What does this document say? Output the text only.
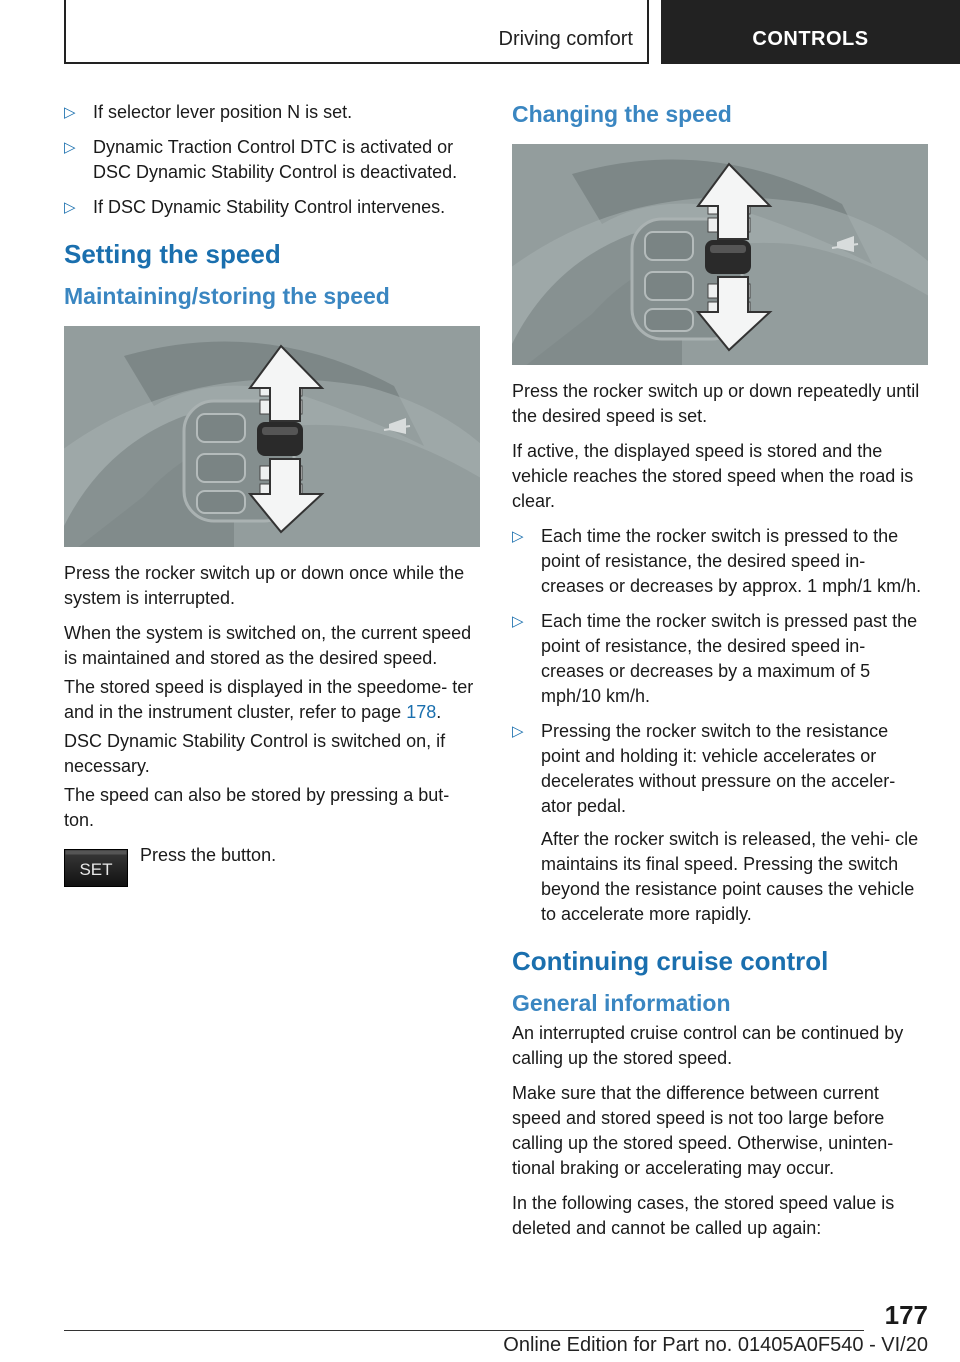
Driving comfort	CONTROLS
▷ If selector lever position N is set.
▷ Dynamic Traction Control DTC is activated or DSC Dynamic Stability Control is deactivated.
▷ If DSC Dynamic Stability Control intervenes.
Setting the speed
Maintaining/storing the speed

Press the rocker switch up or down once while the system is interrupted.

When the system is switched on, the current speed is maintained and stored as the desired speed.

The stored speed is displayed in the speedome‐ ter and in the instrument cluster, refer to page 178.

DSC Dynamic Stability Control is switched on, if necessary.

The speed can also be stored by pressing a but‐ ton.

SET
Press the button.
Changing the speed

Press the rocker switch up or down repeatedly until the desired speed is set.

If active, the displayed speed is stored and the vehicle reaches the stored speed when the road is clear.

▷ Each time the rocker switch is pressed to the point of resistance, the desired speed in‐ creases or decreases by approx. 1 mph/1 km/h.
▷ Each time the rocker switch is pressed past the point of resistance, the desired speed in‐ creases or decreases by a maximum of 5 mph/10 km/h.
▷ Pressing the rocker switch to the resistance point and holding it: vehicle accelerates or decelerates without pressure on the acceler‐ ator pedal.
After the rocker switch is released, the vehi‐ cle maintains its final speed. Pressing the switch beyond the resistance point causes the vehicle to accelerate more rapidly.
Continuing cruise control
General information

An interrupted cruise control can be continued by calling up the stored speed.

Make sure that the difference between current speed and stored speed is not too large before calling up the stored speed. Otherwise, uninten‐ tional braking or accelerating may occur.

In the following cases, the stored speed value is deleted and cannot be called up again:

177
Online Edition for Part no. 01405A0F540 - VI/20
